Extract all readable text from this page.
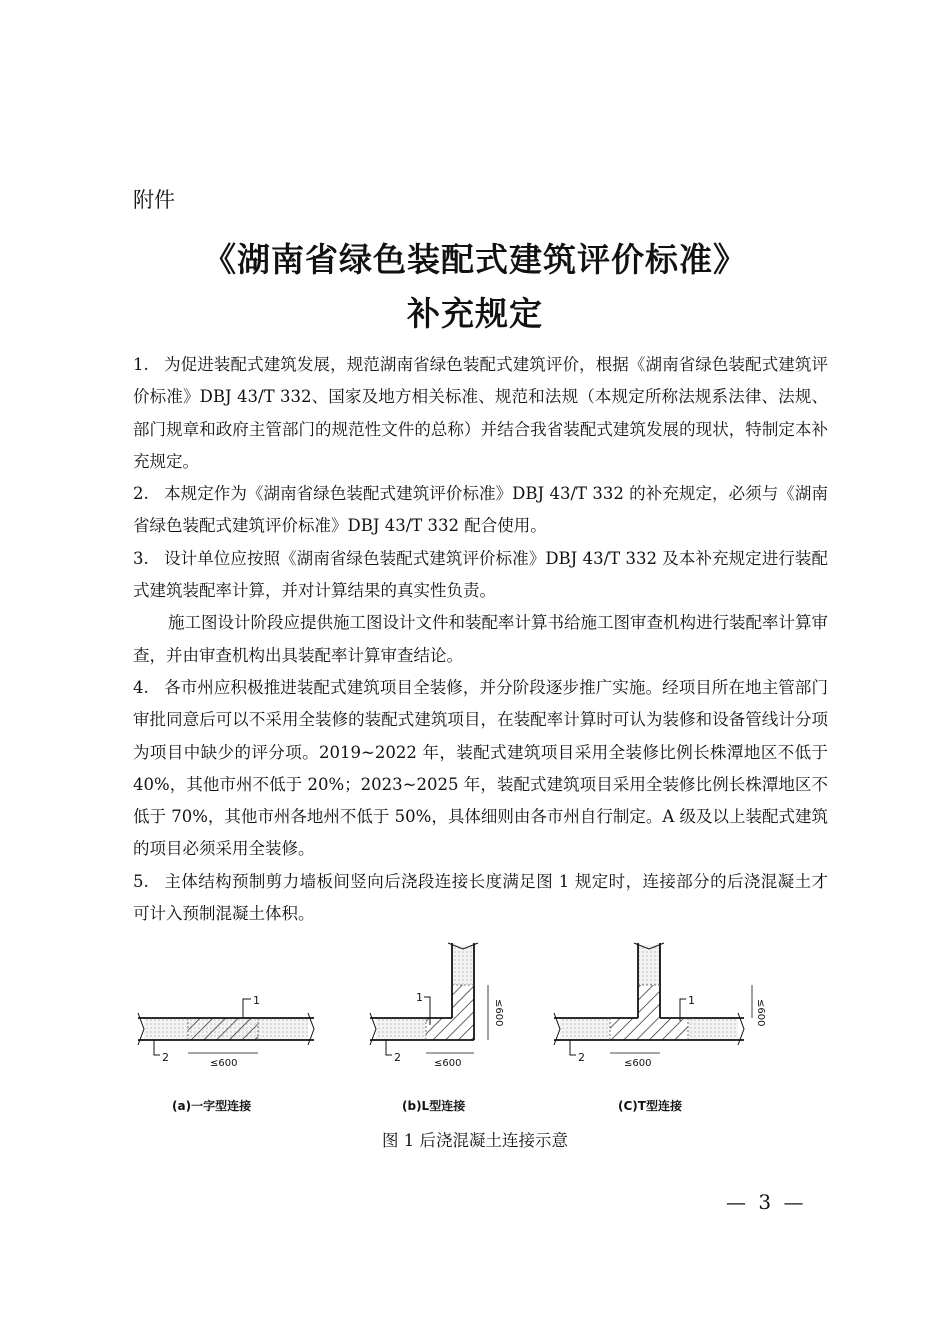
附件
《湖南省绿色装配式建筑评价标准》
补充规定

1. 为促进装配式建筑发展，规范湖南省绿色装配式建筑评价，根据《湖南省绿色装配式建筑评价标准》DBJ 43/T 332、国家及地方相关标准、规范和法规（本规定所称法规系法律、法规、部门规章和政府主管部门的规范性文件的总称）并结合我省装配式建筑发展的现状，特制定本补充规定。

2. 本规定作为《湖南省绿色装配式建筑评价标准》DBJ 43/T 332 的补充规定，必须与《湖南省绿色装配式建筑评价标准》DBJ 43/T 332 配合使用。

3. 设计单位应按照《湖南省绿色装配式建筑评价标准》DBJ 43/T 332 及本补充规定进行装配式建筑装配率计算，并对计算结果的真实性负责。

施工图设计阶段应提供施工图设计文件和装配率计算书给施工图审查机构进行装配率计算审查，并由审查机构出具装配率计算审查结论。

4. 各市州应积极推进装配式建筑项目全装修，并分阶段逐步推广实施。经项目所在地主管部门审批同意后可以不采用全装修的装配式建筑项目，在装配率计算时可认为装修和设备管线计分项为项目中缺少的评分项。2019~2022 年，装配式建筑项目采用全装修比例长株潭地区不低于 40%，其他市州不低于 20%；2023~2025 年，装配式建筑项目采用全装修比例长株潭地区不低于 70%，其他市州各地州不低于 50%，具体细则由各市州自行制定。A 级及以上装配式建筑的项目必须采用全装修。

5. 主体结构预制剪力墙板间竖向后浇段连接长度满足图 1 规定时，连接部分的后浇混凝土才可计入预制混凝土体积。

1
2	≤600
(a)一字型连接
1
2	≤600
≤600
(b)L型连接
1
2	≤600
≤600
(C)T型连接
图 1 后浇混凝土连接示意
— 3 —
